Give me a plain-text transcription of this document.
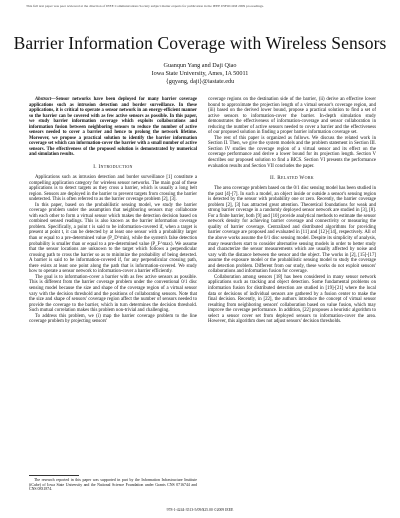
This full text paper was peer reviewed at the direction of IEEE Communications Society subject matter experts for publication in the IEEE INFOCOM 2009 proceedings.
Barrier Information Coverage with Wireless Sensors
Guanqun Yang and Daji Qiao
Iowa State University, Ames, IA 50011
{gqyang, daji}@iastate.edu

Abstract—Sensor networks have been deployed for many barrier coverage applications such as intrusion detection and border surveillance. In these applications, it is critical to operate a sensor network in an energy-efficient manner so the barrier can be covered with as few active sensors as possible. In this paper, we study barrier information coverage which exploits collaborations and information fusion between neighboring sensors to reduce the number of active sensors needed to cover a barrier and hence to prolong the network lifetime. Moreover, we propose a practical solution to identify the barrier information coverage set which can information-cover the barrier with a small number of active sensors. The effectiveness of the proposed solution is demonstrated by numerical and simulation results.

I. Introduction

Applications such as intrusion detection and border surveillance [1] constitute a compelling application category for wireless sensor networks. The main goal of these applications is to detect targets as they cross a barrier, which is usually a long belt region. Sensors are deployed in the barrier to prevent targets from crossing the barrier undetected. This is often referred to as the barrier coverage problem [2], [3].

In this paper, based on the probabilistic sensing model, we study the barrier coverage problem under the assumption that neighboring sensors may collaborate with each other to form a virtual sensor which makes the detection decision based on combined sensed readings. This is also known as the barrier information coverage problem. Specifically, a point t is said to be information-covered if, when a target is present at point t, it can be detected by at least one sensor with a probability larger than or equal to a pre-determined value (P_D^min), while the system's false detection probability is smaller than or equal to a pre-determined value (P_F^max). We assume that the sensor locations are unknown to the target which follows a perpendicular crossing path to cross the barrier so as to minimize the probability of being detected. A barrier is said to be information-covered if, for any perpendicular crossing path, there exists at least one point along the path that is information-covered. We study how to operate a sensor network to information-cover a barrier efficiently.

The goal is to information-cover a barrier with as few active sensors as possible. This is different from the barrier coverage problem under the conventional 0/1 disc sensing model because the size and shape of the coverage region of a virtual sensor vary with the decision threshold and the positions of collaborating sensors. Note that the size and shape of sensors' coverage region affect the number of sensors needed to provide the coverage to the barrier, which in turn determines the decision threshold. Such mutual correlation makes this problem non-trivial and challenging.

To address this problem, we (i) map the barrier coverage problem to the line coverage problem by projecting sensors'

The research reported in this paper was supported in part by the Information Infrastructure Institute (iCube) of Iowa State University and the National Science Foundation under Grants CNS 0716744 and CNS 0831874.

coverage regions on the destination side of the barrier, (ii) derive an effective lower bound to approximate the projection length of a virtual sensor's coverage region, and (iii) based on the derived lower bound, propose a practical solution to find a set of active sensors to information-cover the barrier. In-depth simulation study demonstrates the effectiveness of information-coverage and sensor collaboration in reducing the number of active sensors needed to cover a barrier and the effectiveness of our proposed solution in finding a proper barrier information coverage set.

The rest of this paper is organized as follows. We discuss the related work in Section II. Then, we give the system models and the problem statement in Section III. Section IV studies the coverage region of a virtual sensor and its effect on the coverage performance and derive a lower bound for its projection length. Section V describes our proposed solution to find a BICS. Section VI presents the performance evaluation results and Section VII concludes the paper.

II. Related Work

The area coverage problem based on the 0/1 disc sensing model has been studied in the past [4]-[7]. In such a model, an object inside or outside a sensor's sensing region is detected by the sensor with probability one or zero. Recently, the barrier coverage problem [2], [3] has attracted great attention. Theoretical foundations for weak and strong barrier coverage in a randomly deployed sensor network are studied in [3], [8]. For a finite barrier, both [9] and [10] provide analytical methods to estimate the sensor network density for achieving barrier coverage and connectivity or measuring the quality of barrier coverage. Centralized and distributed algorithms for providing barrier coverage are proposed and evaluated in [11] and [12]-[14], respectively. All of the above works assume the 0/1 disc sensing model. Despite its simplicity of analysis, many researchers start to consider alternative sensing models in order to better study and characterize the sensor measurements which are usually affected by noise and vary with the distance between the sensor and the object. The works in [2], [15]-[17] assume the exposure model or the probabilistic sensing model to study the coverage and detection problem. Different from our study, these works do not exploit sensors' collaborations and information fusion for coverage.

Collaboration among sensors [18] has been considered in many sensor network applications such as tracking and object detection. Some fundamental problems on information fusion for distributed detection are studied in [19]-[21] where the local data or decisions of individual sensors are gathered by a fusion center to make the final decision. Recently, in [22], the authors introduce the concept of virtual sensor resulting from neighboring sensors' collaboration based on value fusion, which may improve the coverage performance. In addition, [22] proposes a heuristic algorithm to select a sensor cover set from deployed sensors to information-cover the area. However, this algorithm does not adjust sensors' decision thresholds.

978-1-4244-3513-5/09/$25.00 ©2009 IEEE
